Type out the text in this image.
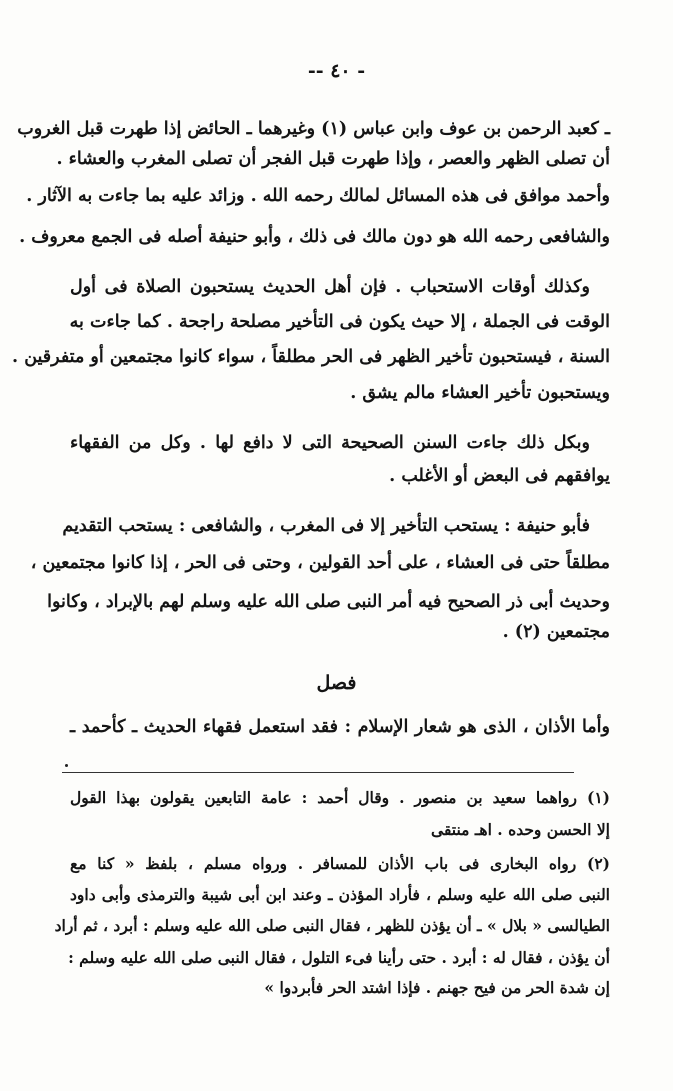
-- ٤٠ -
ـ كعبد الرحمن بن عوف وابن عباس (١) وغيرهما ـ الحائض إذا طهرت قبل الغروب
أن تصلى الظهر والعصر ، وإذا طهرت قبل الفجر أن تصلى المغرب والعشاء .
وأحمد موافق فى هذه المسائل لمالك رحمه الله . وزائد عليه بما جاءت به الآثار .
والشافعى رحمه الله هو دون مالك فى ذلك ، وأبو حنيفة أصله فى الجمع معروف .
وكذلك أوقات الاستحباب . فإن أهل الحديث يستحبون الصلاة فى أول
الوقت فى الجملة ، إلا حيث يكون فى التأخير مصلحة راجحة . كما جاءت به
السنة ، فيستحبون تأخير الظهر فى الحر مطلقاً ، سواء كانوا مجتمعين أو متفرقين .
ويستحبون تأخير العشاء مالم يشق .
وبكل ذلك جاءت السنن الصحيحة التى لا دافع لها . وكل من الفقهاء
يوافقهم فى البعض أو الأغلب .
فأبو حنيفة : يستحب التأخير إلا فى المغرب ، والشافعى : يستحب التقديم
مطلقاً حتى فى العشاء ، على أحد القولين ، وحتى فى الحر ، إذا كانوا مجتمعين ،
وحديث أبى ذر الصحيح فيه أمر النبى صلى الله عليه وسلم لهم بالإبراد ، وكانوا
مجتمعين (٢) .
فصل
وأما الأذان ، الذى هو شعار الإسلام : فقد استعمل فقهاء الحديث ـ كأحمد ـ
(١) رواهما سعيد بن منصور . وقال أحمد : عامة التابعين يقولون بهذا القول
إلا الحسن وحده . اهـ منتقى
(٢) رواه البخارى فى باب الأذان للمسافر . ورواه مسلم ، بلفظ « كنا مع
النبى صلى الله عليه وسلم ، فأراد المؤذن ـ وعند ابن أبى شيبة والترمذى وأبى داود
الطيالسى « بلال » ـ أن يؤذن للظهر ، فقال النبى صلى الله عليه وسلم : أبرد ، ثم أراد
أن يؤذن ، فقال له : أبرد . حتى رأينا فىء التلول ، فقال النبى صلى الله عليه وسلم :
إن شدة الحر من فيح جهنم . فإذا اشتد الحر فأبردوا »
